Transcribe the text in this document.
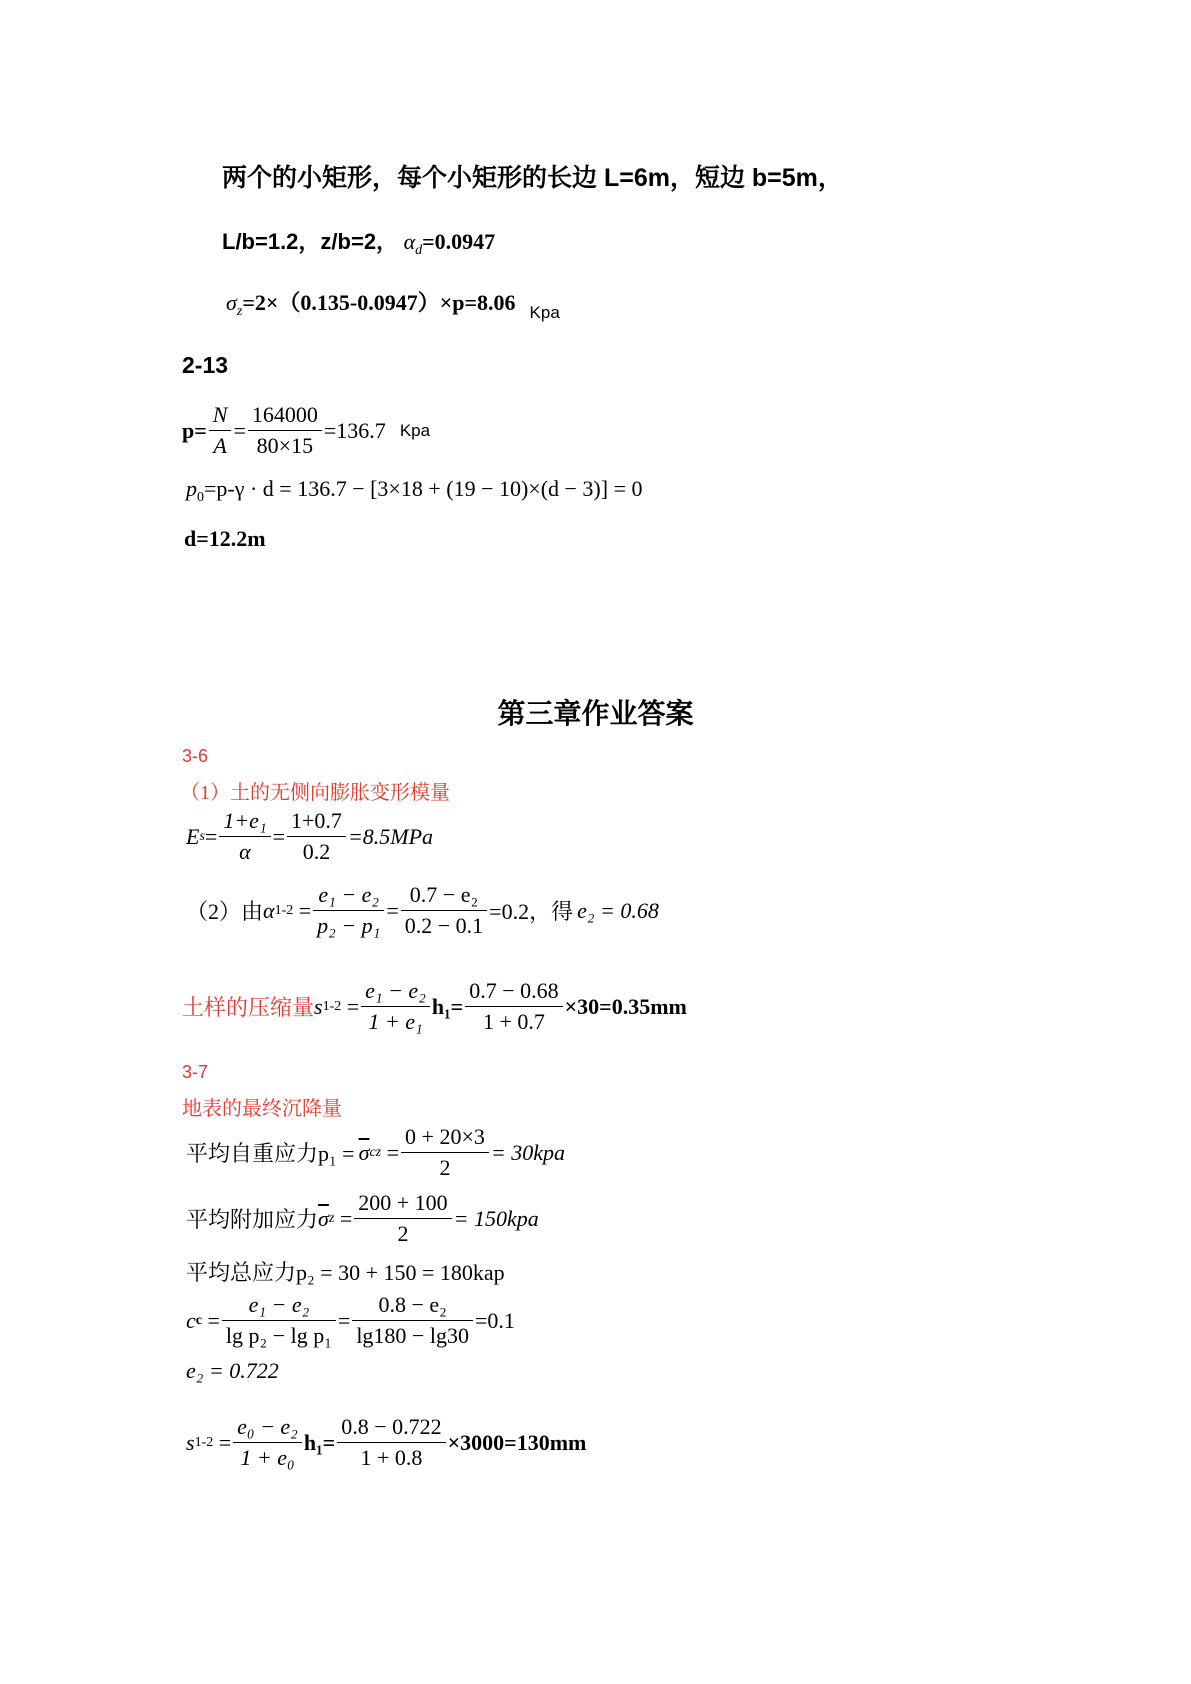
两个的小矩形，每个小矩形的长边 L=6m，短边 b=5m，
L/b=1.2，z/b=2， $\alpha_d=0.0947$
$\sigma_z=2\times(0.135-0.0947)\times p=8.06$ $_{Kpa}$
2-13
$p= \frac{N}{A} = \frac{164000}{80\times 15} =136.7$ Kpa
$p_0=p-\gamma \cdot d = 136.7 - [3\times 18 + (19 - 10)\times(d - 3)] = 0$
d=12.2m
第三章作业答案
3-6
（1）土的无侧向膨胀变形模量
E $s = \frac{\text{1+e₁}}{\alpha} = \frac{1+0.7}{0.2} =8.5MPa$
（2）由 α $1-2 = \frac{\text{e₁ − e₂}}{\text{p₂ − p₁}} = \frac{\text{0.7 − e₂}}{0.2 - 0.1} =0.2$，得 e₂ = 0.68
土样的压缩量 s $1-2 = \frac{\text{e₁ − e₂}}{\text{1 + e₁}} h_1= \frac{0.7 - 0.68}{1 + 0.7} \times 30=0.35mm$
3-7
地表的最终沉降量
平均自重应力$p_1 = \overline{\sigma}$ cz = $\frac{0 + 20\times 3}{2} = 30kpa$
平均附加应力 $\overline{\sigma}$ $z = \frac{200 + 100}{2} = 150kpa$
平均总应力p₂ = 30 + 150 = 180kap
c $c = \frac{\text{e₁ − e₂}}{\text{lg p₂ − lg p₁}} = \frac{\text{0.8 − e₂}}{\lg 180 - \lg 30} =0.1$
e₂ = 0.722
s $1-2 = \frac{\text{e₀ − e₂}}{\text{1 + e₀}} h_1= \frac{0.8 - 0.722}{1 + 0.8} \times 3000=130mm$
